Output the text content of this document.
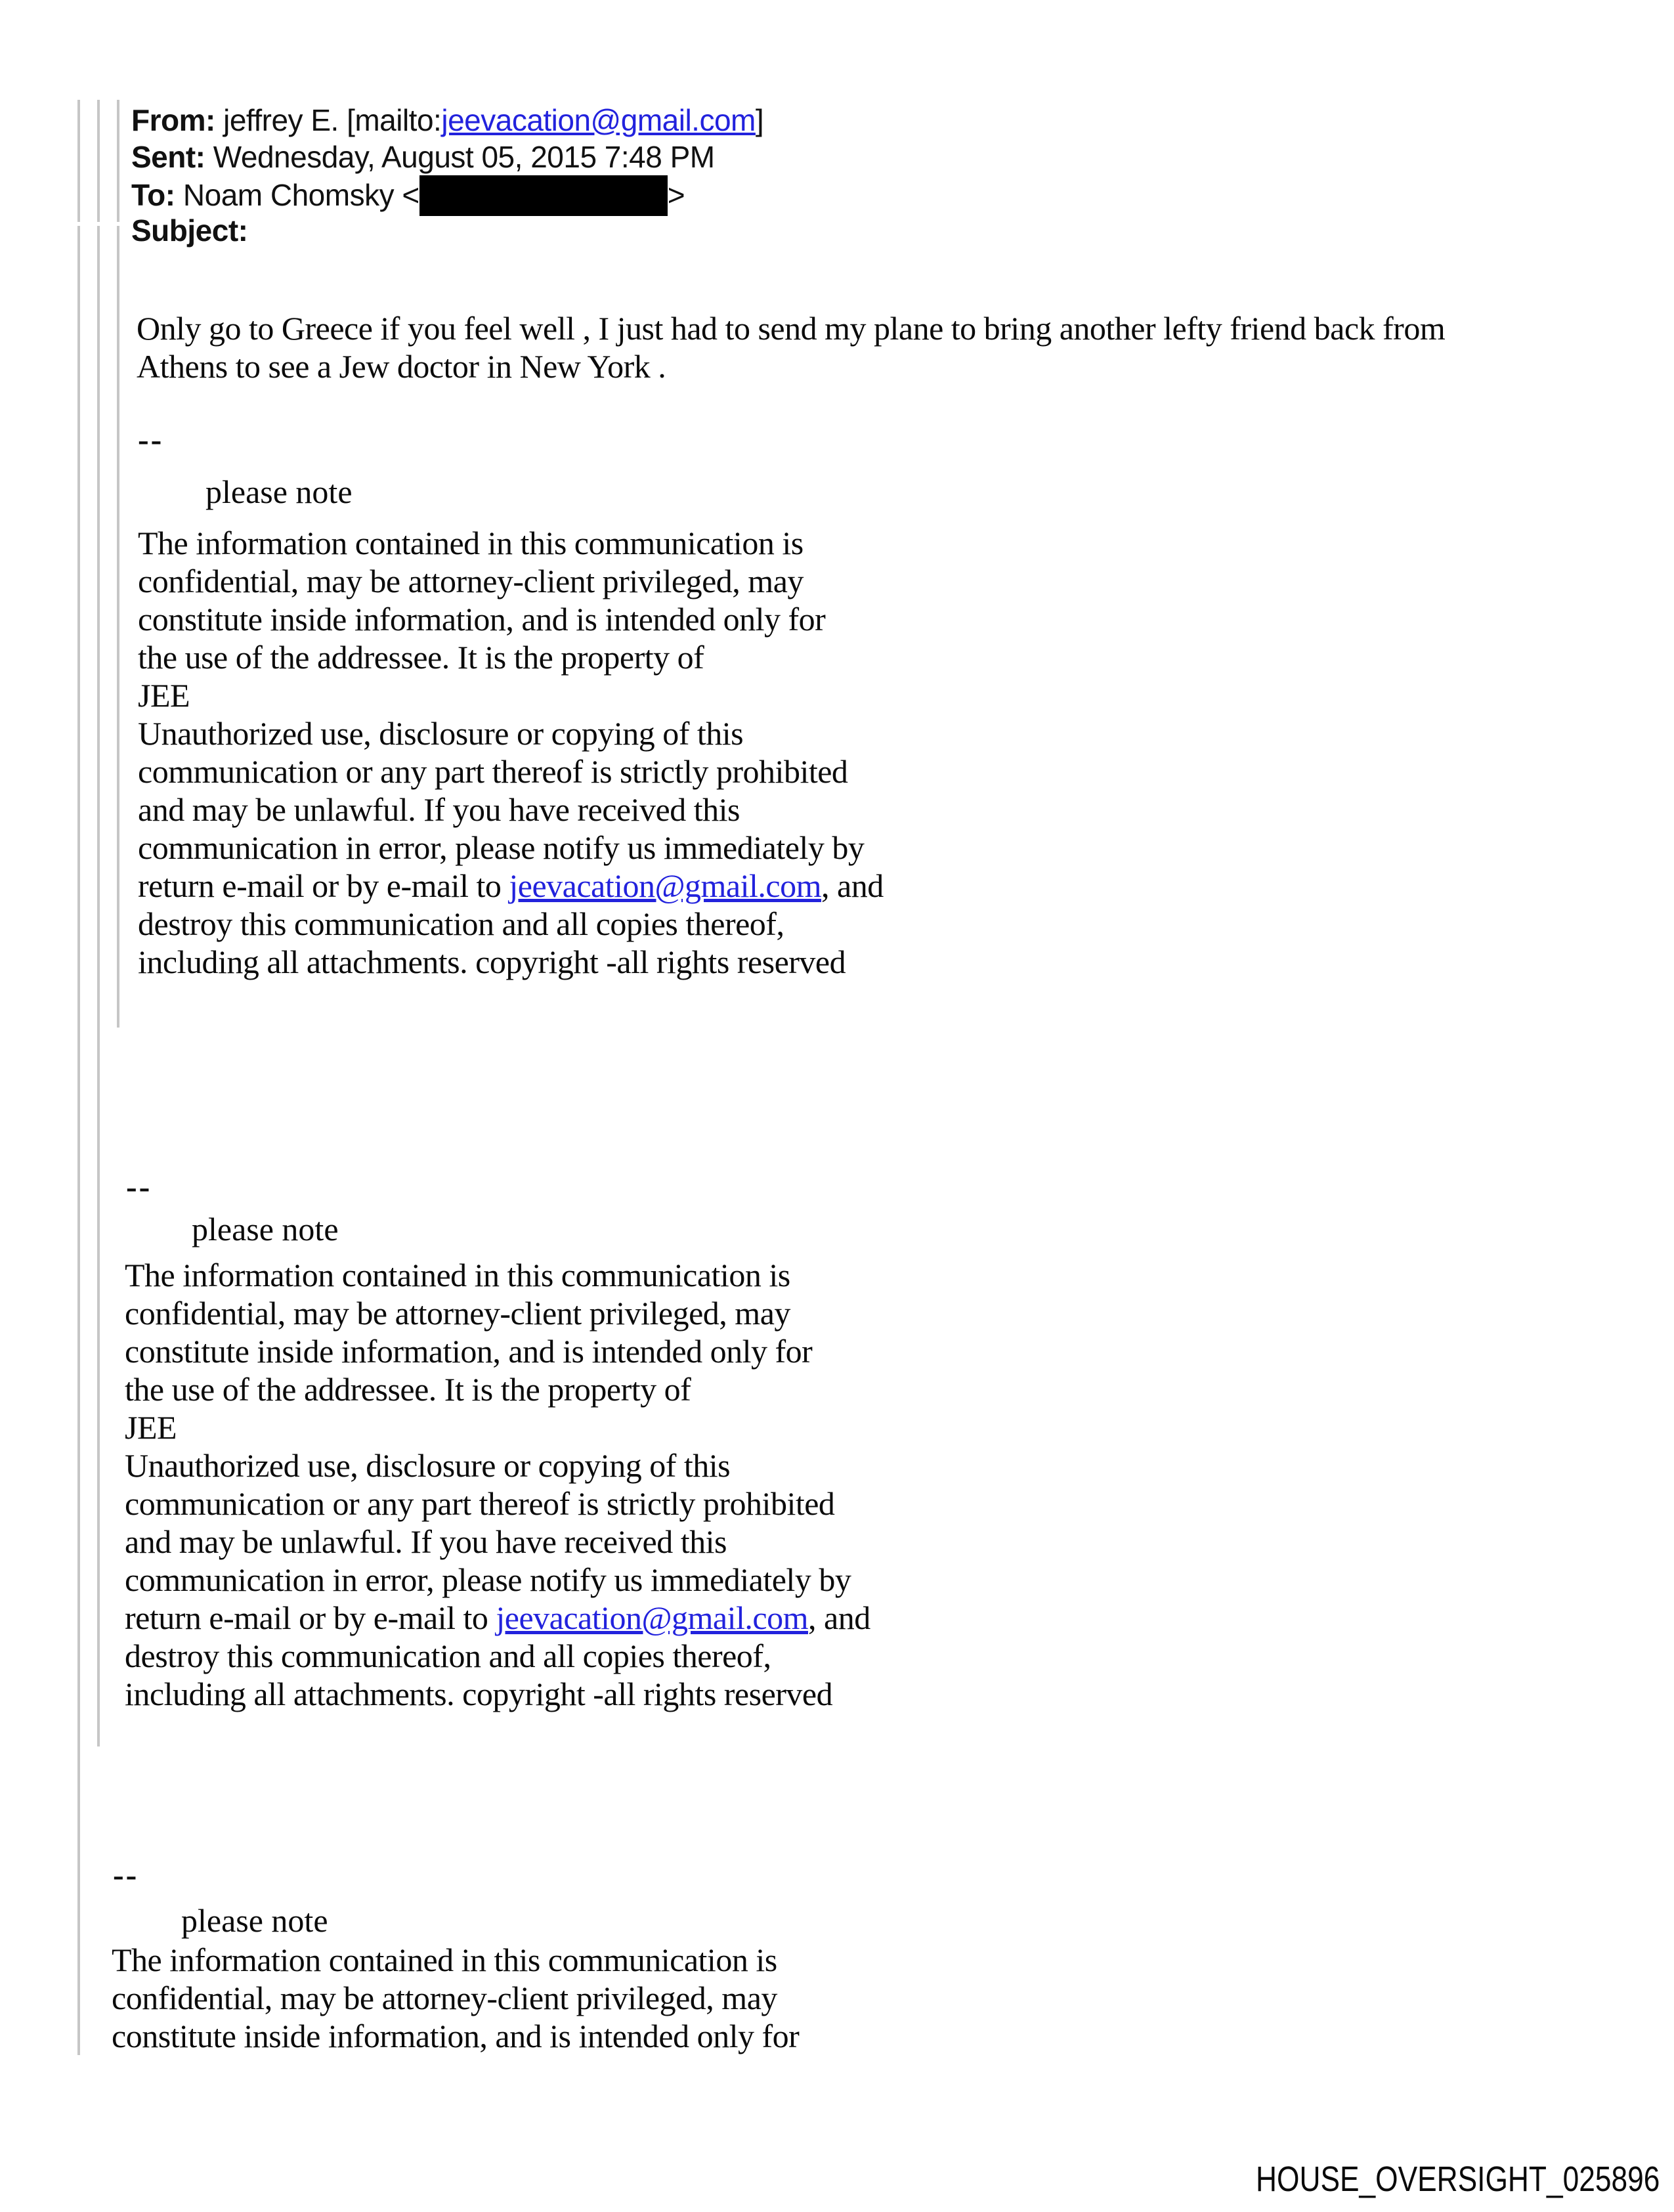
From: jeffrey E. [mailto:jeevacation@gmail.com]
Sent: Wednesday, August 05, 2015 7:48 PM
To: Noam Chomsky <	>
Subject:
Only go to Greece if you feel well , I just had to send my plane to bring another lefty friend back from
Athens to see a Jew doctor in New York .
--
please note
The information contained in this communication is
confidential, may be attorney-client privileged, may
constitute inside information, and is intended only for
the use of the addressee. It is the property of
JEE
Unauthorized use, disclosure or copying of this
communication or any part thereof is strictly prohibited
and may be unlawful. If you have received this
communication in error, please notify us immediately by
return e-mail or by e-mail to jeevacation@gmail.com, and
destroy this communication and all copies thereof,
including all attachments. copyright -all rights reserved
--
please note
The information contained in this communication is
confidential, may be attorney-client privileged, may
constitute inside information, and is intended only for
the use of the addressee. It is the property of
JEE
Unauthorized use, disclosure or copying of this
communication or any part thereof is strictly prohibited
and may be unlawful. If you have received this
communication in error, please notify us immediately by
return e-mail or by e-mail to jeevacation@gmail.com, and
destroy this communication and all copies thereof,
including all attachments. copyright -all rights reserved
--
please note
The information contained in this communication is
confidential, may be attorney-client privileged, may
constitute inside information, and is intended only for
HOUSE_OVERSIGHT_025896
